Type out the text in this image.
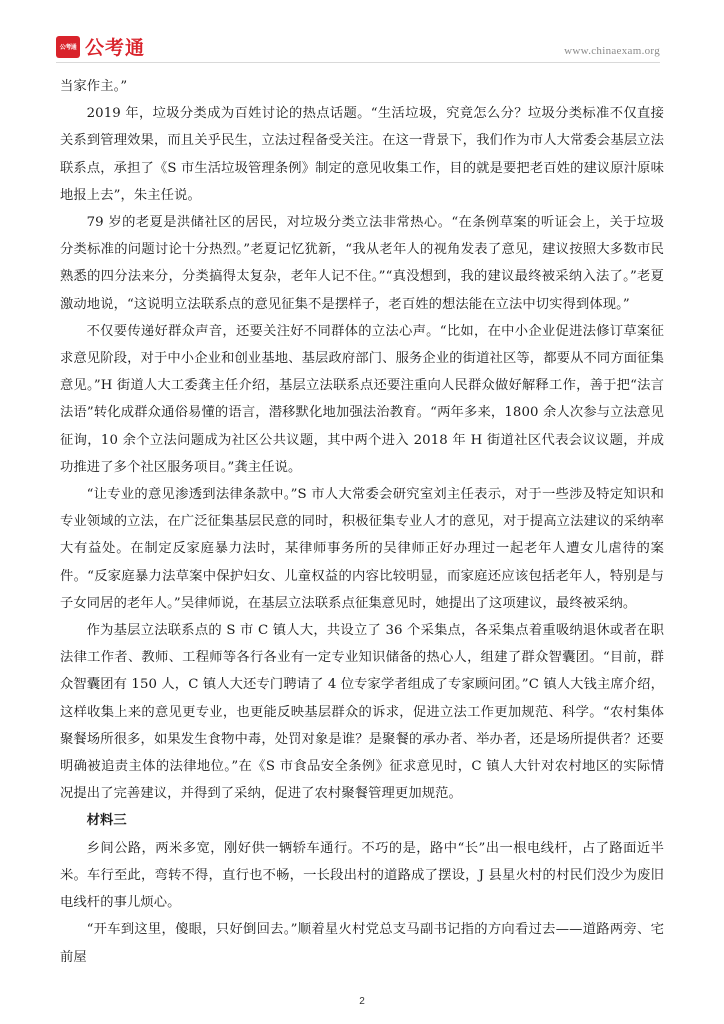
公考通 公考通	www.chinaexam.org

当家作主。”

2019 年，垃圾分类成为百姓讨论的热点话题。“生活垃圾，究竟怎么分？垃圾分类标准不仅直接关系到管理效果，而且关乎民生，立法过程备受关注。在这一背景下，我们作为市人大常委会基层立法联系点，承担了《S 市生活垃圾管理条例》制定的意见收集工作，目的就是要把老百姓的建议原汁原味地报上去”，朱主任说。

79 岁的老夏是洪储社区的居民，对垃圾分类立法非常热心。“在条例草案的听证会上，关于垃圾分类标准的问题讨论十分热烈。”老夏记忆犹新，“我从老年人的视角发表了意见，建议按照大多数市民熟悉的四分法来分，分类搞得太复杂，老年人记不住。”“真没想到，我的建议最终被采纳入法了。”老夏激动地说，“这说明立法联系点的意见征集不是摆样子，老百姓的想法能在立法中切实得到体现。”

不仅要传递好群众声音，还要关注好不同群体的立法心声。“比如，在中小企业促进法修订草案征求意见阶段，对于中小企业和创业基地、基层政府部门、服务企业的街道社区等，都要从不同方面征集意见。”H 街道人大工委龚主任介绍，基层立法联系点还要注重向人民群众做好解释工作，善于把“法言法语”转化成群众通俗易懂的语言，潜移默化地加强法治教育。“两年多来，1800 余人次参与立法意见征询，10 余个立法问题成为社区公共议题，其中两个进入 2018 年 H 街道社区代表会议议题，并成功推进了多个社区服务项目。”龚主任说。

“让专业的意见渗透到法律条款中。”S 市人大常委会研究室刘主任表示，对于一些涉及特定知识和专业领域的立法，在广泛征集基层民意的同时，积极征集专业人才的意见，对于提高立法建议的采纳率大有益处。在制定反家庭暴力法时，某律师事务所的吴律师正好办理过一起老年人遭女儿虐待的案件。“反家庭暴力法草案中保护妇女、儿童权益的内容比较明显，而家庭还应该包括老年人，特别是与子女同居的老年人。”吴律师说，在基层立法联系点征集意见时，她提出了这项建议，最终被采纳。

作为基层立法联系点的 S 市 C 镇人大，共设立了 36 个采集点，各采集点着重吸纳退休或者在职法律工作者、教师、工程师等各行各业有一定专业知识储备的热心人，组建了群众智囊团。“目前，群众智囊团有 150 人，C 镇人大还专门聘请了 4 位专家学者组成了专家顾问团。”C 镇人大钱主席介绍，这样收集上来的意见更专业，也更能反映基层群众的诉求，促进立法工作更加规范、科学。“农村集体聚餐场所很多，如果发生食物中毒，处罚对象是谁？是聚餐的承办者、举办者，还是场所提供者？还要明确被追责主体的法律地位。”在《S 市食品安全条例》征求意见时，C 镇人大针对农村地区的实际情况提出了完善建议，并得到了采纳，促进了农村聚餐管理更加规范。

材料三

乡间公路，两米多宽，刚好供一辆轿车通行。不巧的是，路中“长”出一根电线杆，占了路面近半米。车行至此，弯转不得，直行也不畅，一长段出村的道路成了摆设，J 县星火村的村民们没少为废旧电线杆的事儿烦心。

“开车到这里，傻眼，只好倒回去。”顺着星火村党总支马副书记指的方向看过去——道路两旁、宅前屋

2
